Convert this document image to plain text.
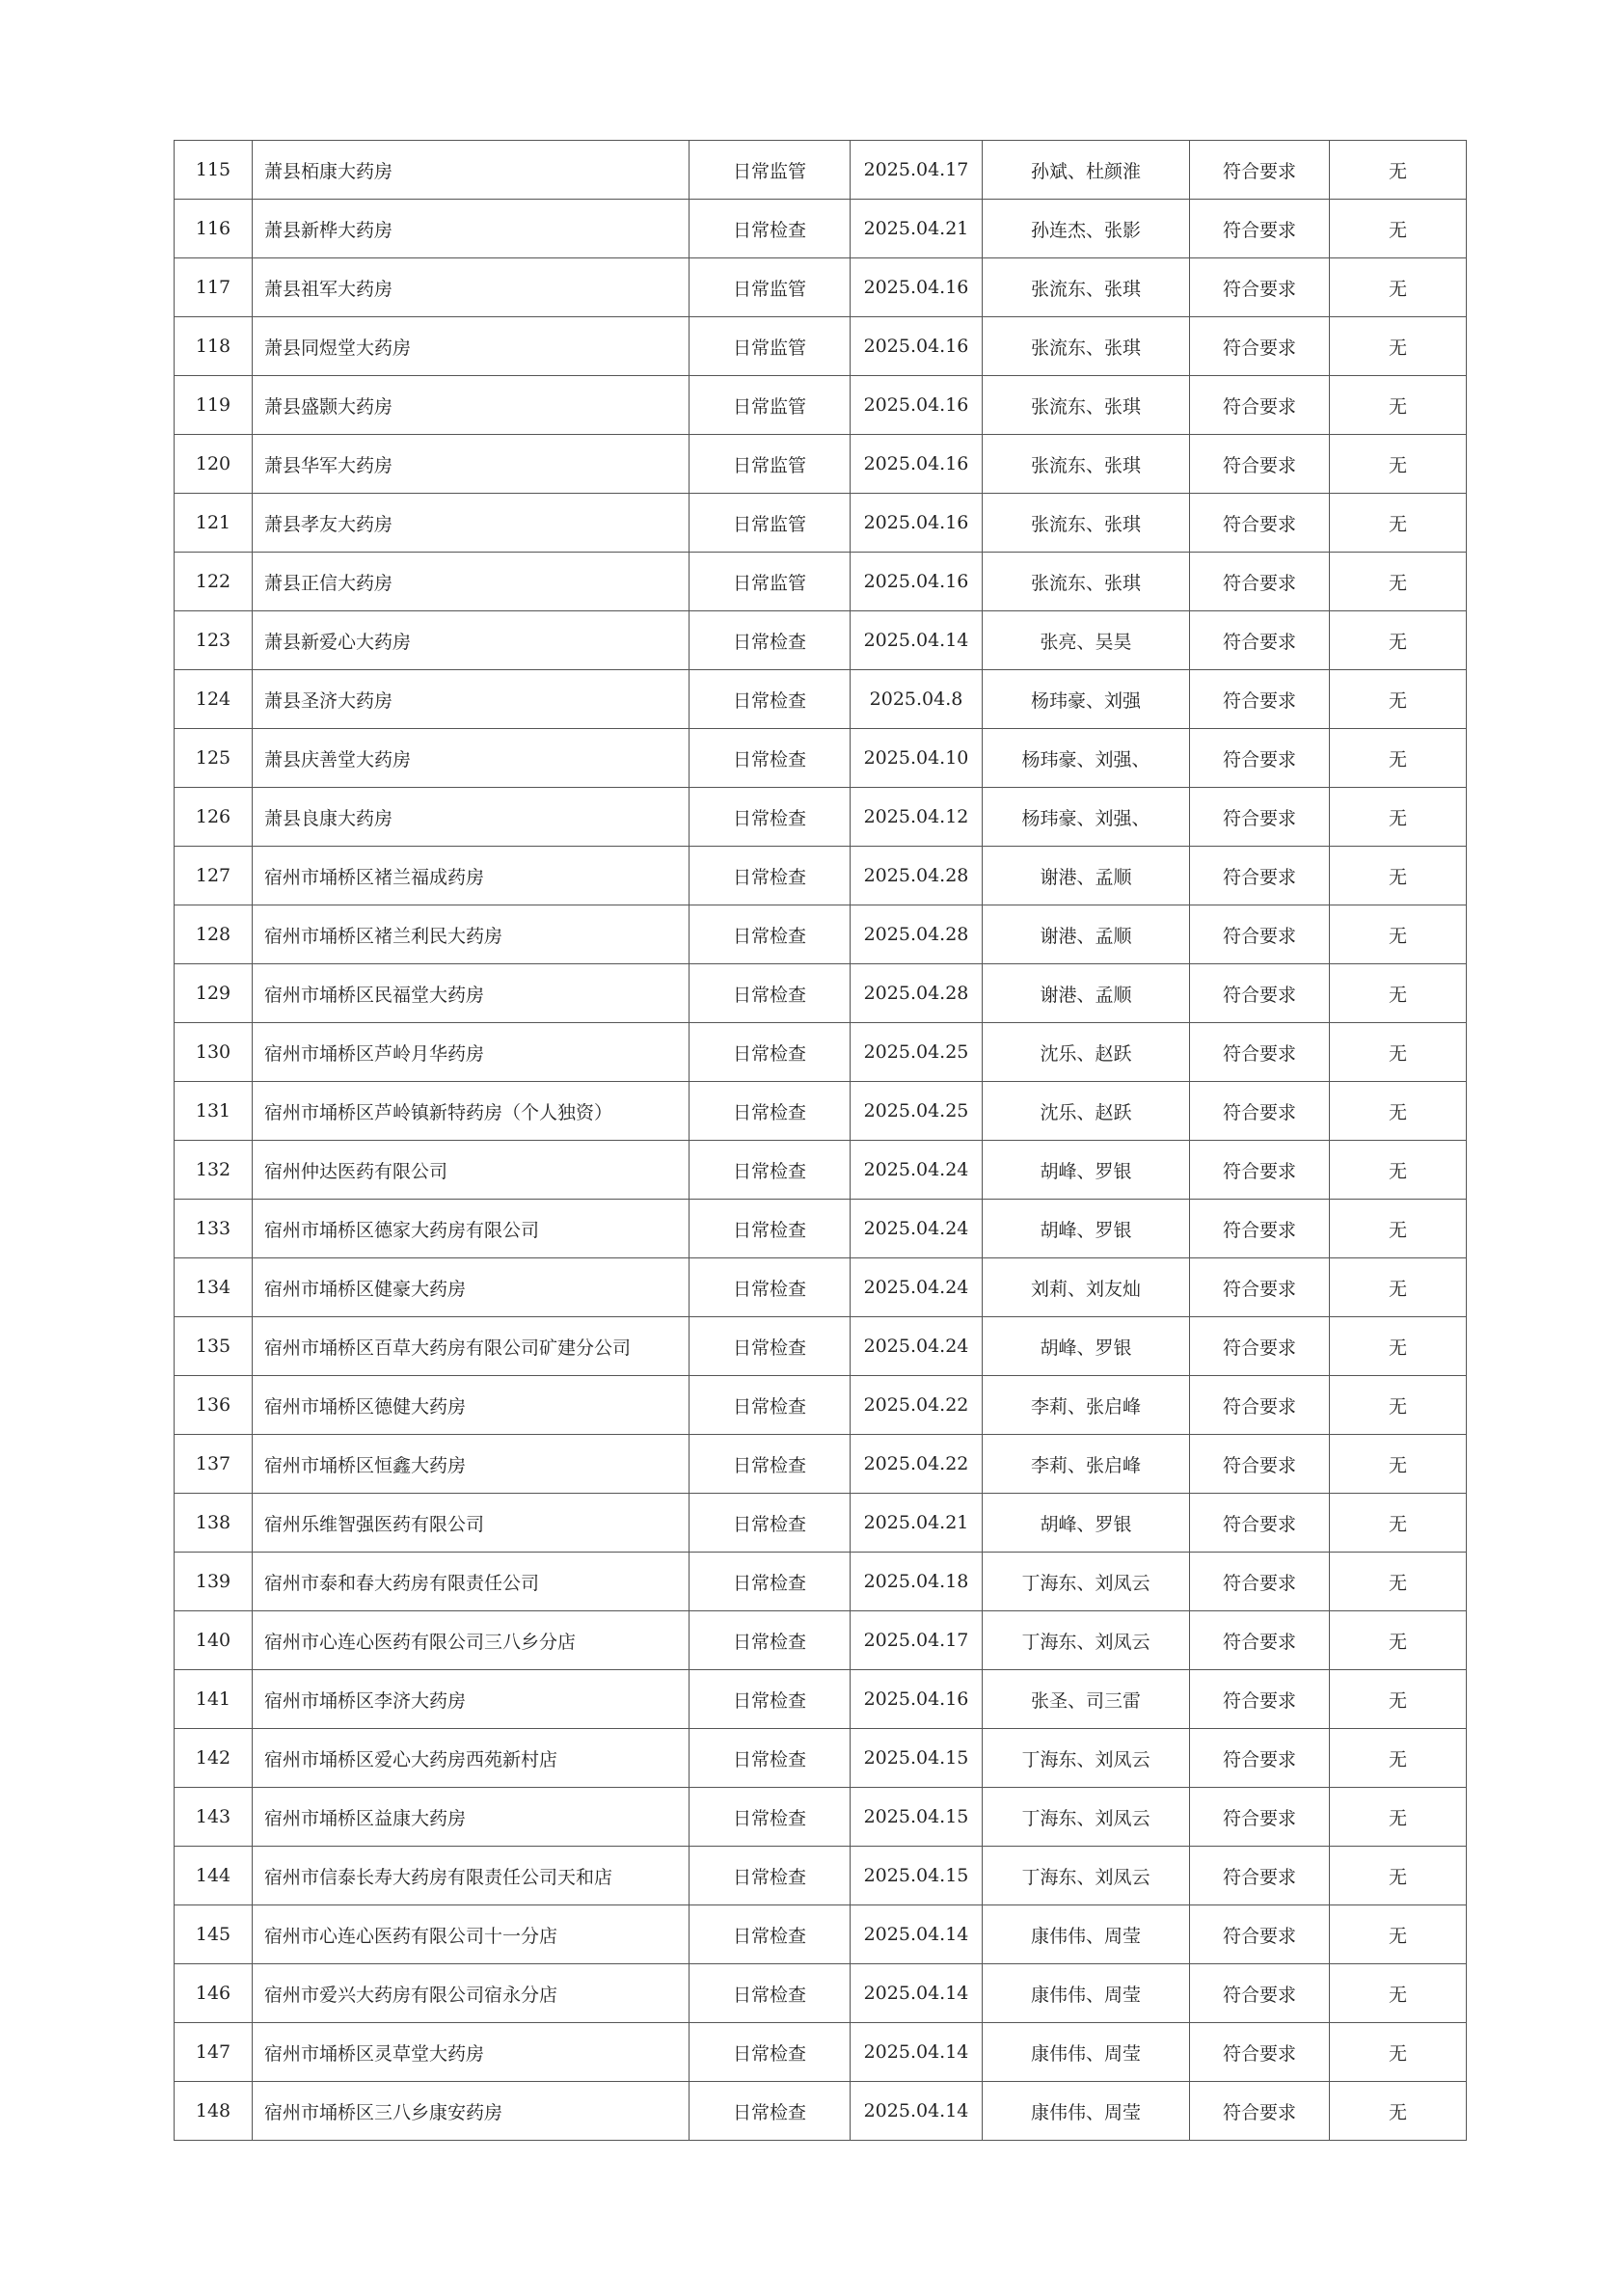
115	萧县栢康大药房	日常监管	2025.04.17	孙斌、杜颜淮	符合要求	无
116	萧县新桦大药房	日常检查	2025.04.21	孙连杰、张影	符合要求	无
117	萧县祖军大药房	日常监管	2025.04.16	张流东、张琪	符合要求	无
118	萧县同煜堂大药房	日常监管	2025.04.16	张流东、张琪	符合要求	无
119	萧县盛颢大药房	日常监管	2025.04.16	张流东、张琪	符合要求	无
120	萧县华军大药房	日常监管	2025.04.16	张流东、张琪	符合要求	无
121	萧县孝友大药房	日常监管	2025.04.16	张流东、张琪	符合要求	无
122	萧县正信大药房	日常监管	2025.04.16	张流东、张琪	符合要求	无
123	萧县新爱心大药房	日常检查	2025.04.14	张亮、吴昊	符合要求	无
124	萧县圣济大药房	日常检查	2025.04.8	杨玮豪、刘强	符合要求	无
125	萧县庆善堂大药房	日常检查	2025.04.10	杨玮豪、刘强、	符合要求	无
126	萧县良康大药房	日常检查	2025.04.12	杨玮豪、刘强、	符合要求	无
127	宿州市埇桥区褚兰福成药房	日常检查	2025.04.28	谢港、孟顺	符合要求	无
128	宿州市埇桥区褚兰利民大药房	日常检查	2025.04.28	谢港、孟顺	符合要求	无
129	宿州市埇桥区民福堂大药房	日常检查	2025.04.28	谢港、孟顺	符合要求	无
130	宿州市埇桥区芦岭月华药房	日常检查	2025.04.25	沈乐、赵跃	符合要求	无
131	宿州市埇桥区芦岭镇新特药房（个人独资）	日常检查	2025.04.25	沈乐、赵跃	符合要求	无
132	宿州仲达医药有限公司	日常检查	2025.04.24	胡峰、罗银	符合要求	无
133	宿州市埇桥区德家大药房有限公司	日常检查	2025.04.24	胡峰、罗银	符合要求	无
134	宿州市埇桥区健豪大药房	日常检查	2025.04.24	刘莉、刘友灿	符合要求	无
135	宿州市埇桥区百草大药房有限公司矿建分公司	日常检查	2025.04.24	胡峰、罗银	符合要求	无
136	宿州市埇桥区德健大药房	日常检查	2025.04.22	李莉、张启峰	符合要求	无
137	宿州市埇桥区恒鑫大药房	日常检查	2025.04.22	李莉、张启峰	符合要求	无
138	宿州乐维智强医药有限公司	日常检查	2025.04.21	胡峰、罗银	符合要求	无
139	宿州市泰和春大药房有限责任公司	日常检查	2025.04.18	丁海东、刘凤云	符合要求	无
140	宿州市心连心医药有限公司三八乡分店	日常检查	2025.04.17	丁海东、刘凤云	符合要求	无
141	宿州市埇桥区李济大药房	日常检查	2025.04.16	张圣、司三雷	符合要求	无
142	宿州市埇桥区爱心大药房西苑新村店	日常检查	2025.04.15	丁海东、刘凤云	符合要求	无
143	宿州市埇桥区益康大药房	日常检查	2025.04.15	丁海东、刘凤云	符合要求	无
144	宿州市信泰长寿大药房有限责任公司天和店	日常检查	2025.04.15	丁海东、刘凤云	符合要求	无
145	宿州市心连心医药有限公司十一分店	日常检查	2025.04.14	康伟伟、周莹	符合要求	无
146	宿州市爱兴大药房有限公司宿永分店	日常检查	2025.04.14	康伟伟、周莹	符合要求	无
147	宿州市埇桥区灵草堂大药房	日常检查	2025.04.14	康伟伟、周莹	符合要求	无
148	宿州市埇桥区三八乡康安药房	日常检查	2025.04.14	康伟伟、周莹	符合要求	无
